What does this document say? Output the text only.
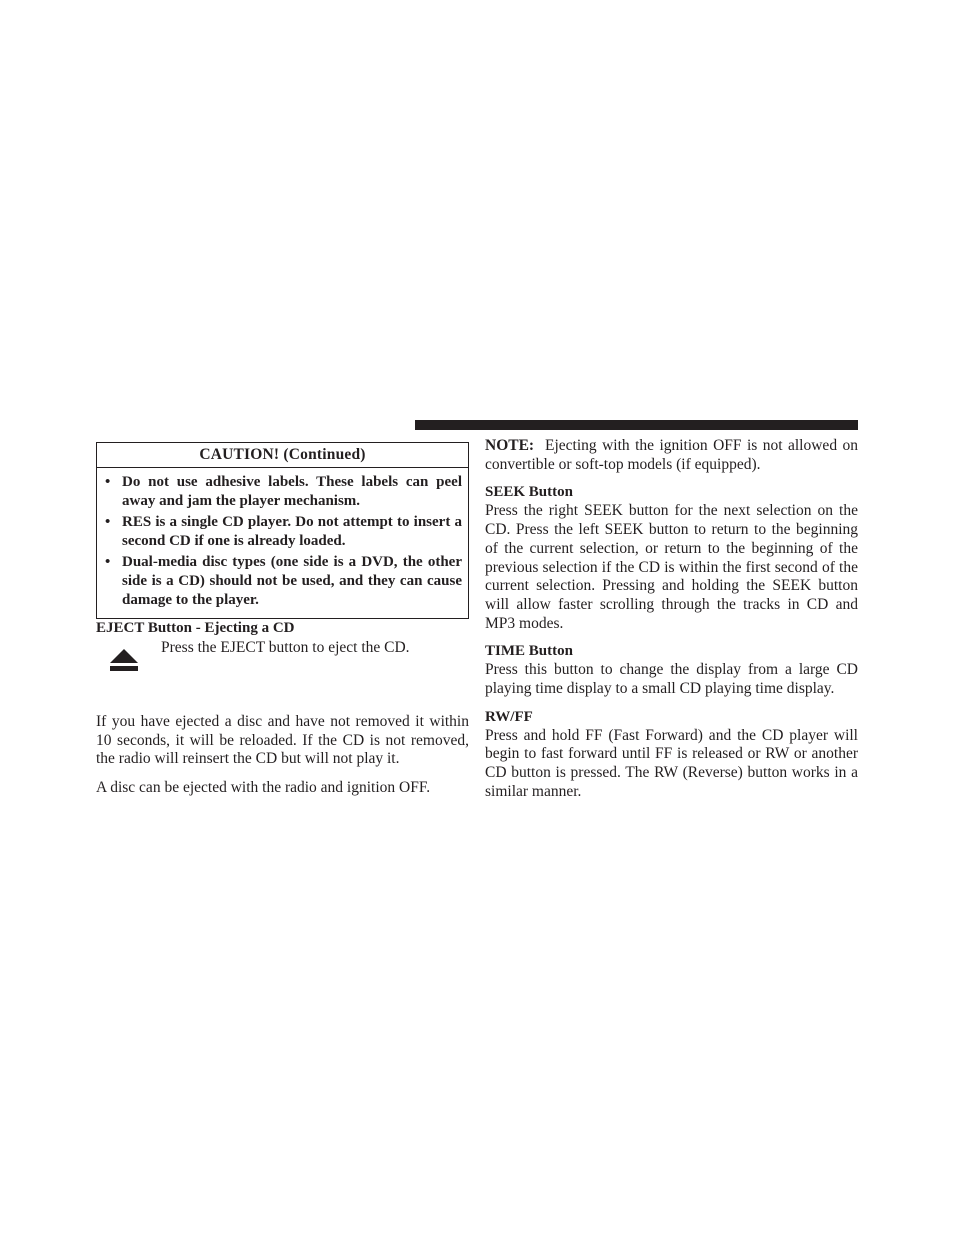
CAUTION! (Continued)
• Do not use adhesive labels. These labels can peel away and jam the player mechanism.
• RES is a single CD player. Do not attempt to insert a second CD if one is already loaded.
• Dual-media disc types (one side is a DVD, the other side is a CD) should not be used, and they can cause damage to the player.
EJECT Button - Ejecting a CD
Press the EJECT button to eject the CD.

If you have ejected a disc and have not removed it within 10 seconds, it will be reloaded. If the CD is not removed, the radio will reinsert the CD but will not play it.

A disc can be ejected with the radio and ignition OFF.

NOTE: Ejecting with the ignition OFF is not allowed on convertible or soft-top models (if equipped).

SEEK Button

Press the right SEEK button for the next selection on the CD. Press the left SEEK button to return to the beginning of the current selection, or return to the beginning of the previous selection if the CD is within the first second of the current selection. Pressing and holding the SEEK button will allow faster scrolling through the tracks in CD and MP3 modes.

TIME Button

Press this button to change the display from a large CD playing time display to a small CD playing time display.

RW/FF

Press and hold FF (Fast Forward) and the CD player will begin to fast forward until FF is released or RW or another CD button is pressed. The RW (Reverse) button works in a similar manner.
